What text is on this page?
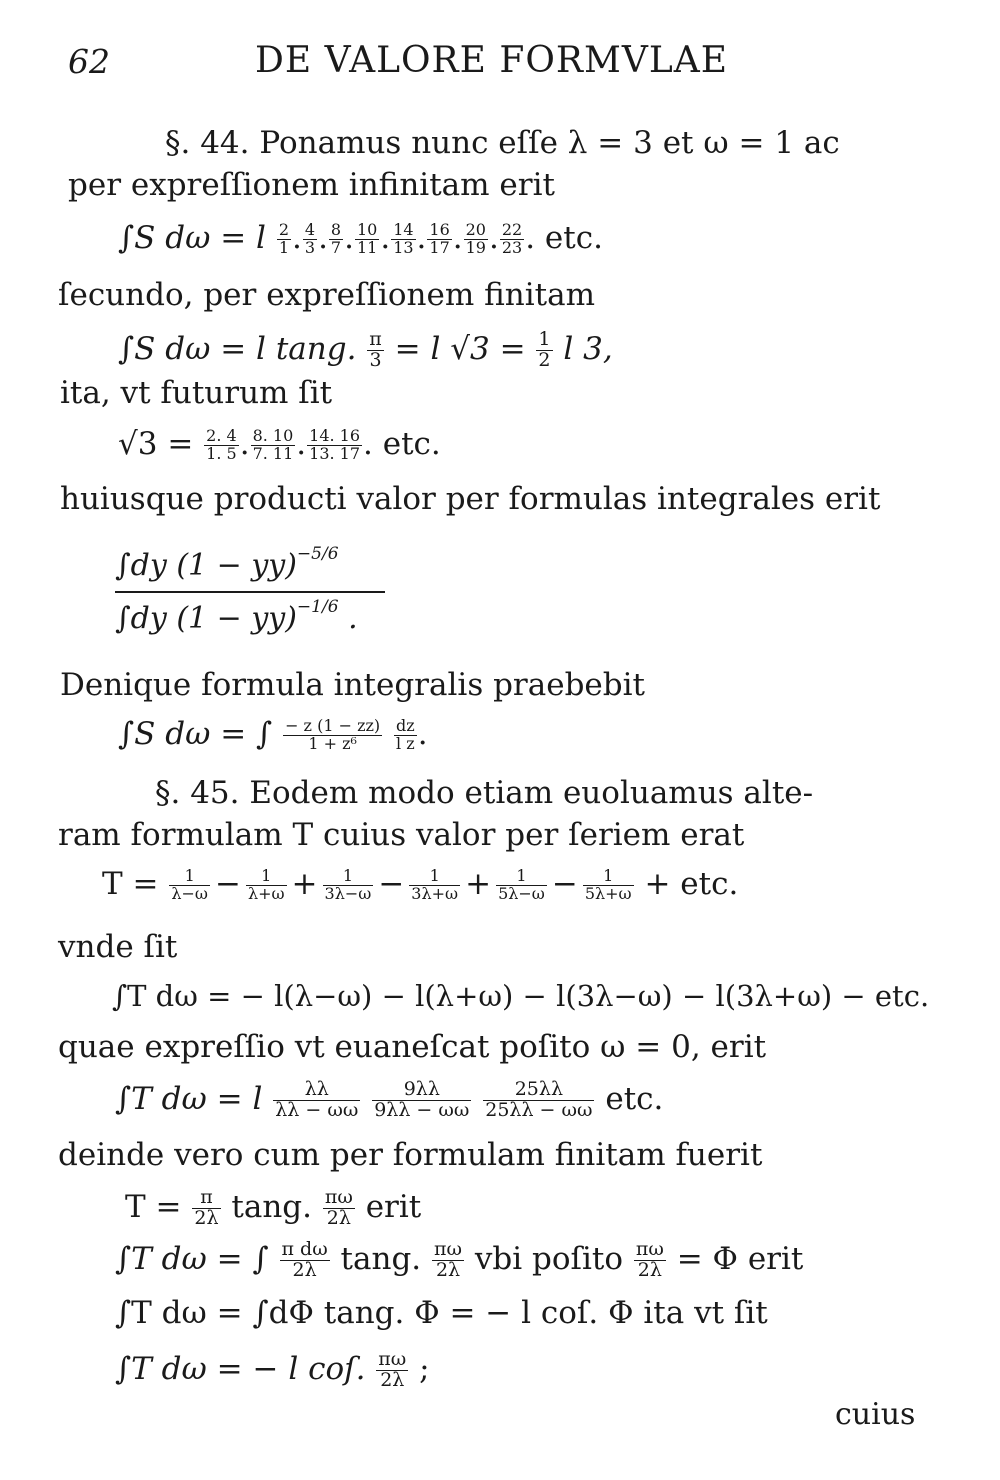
62	DE VALORE FORMVLAE
§. 44. Ponamus nunc eſſe λ = 3 et ω = 1 ac
per expreſſionem infinitam erit
∫S dω = l $\frac{2}{1}$ . $\frac{4}{3}$ . $\frac{8}{7}$ . $\frac{10}{11}$ . $\frac{14}{13}$ . $\frac{16}{17}$ . $\frac{20}{19}$ . $\frac{22}{23}$ . etc.
ſecundo, per expreſſionem finitam
∫S dω = l tang. $\frac{\pi}{3} = l$ $√3 = \frac{1}{2}$ l 3,
ita, vt futurum ſit
$√3 = \frac{2. 4}{1. 5}$ . $\frac{8. 10}{7. 11}$ . $\frac{14. 16}{13. 17}$ . etc.
huiusque producti valor per formulas integrales erit
∫dy (1 − yy)$^{-5/6}$
∫dy (1 − yy)$^{-1/6}$ .
Denique formula integralis praebebit
∫S dω = ∫ $\frac{- z (1 - zz)}{\text{1 + z⁶}}$
$\frac{dz}{\text{l z}}$ .
§. 45. Eodem modo etiam euoluamus alte-
ram formulam T cuius valor per ſeriem erat
$T = \frac{1}{\lambda-\omega} - \frac{1}{\lambda+\omega} + \frac{1}{3\lambda-\omega} - \frac{1}{3\lambda+\omega} + \frac{1}{5\lambda-\omega} - \frac{1}{5\lambda+\omega}$ + etc.
vnde ſit
∫T dω = − l(λ−ω) − l(λ+ω) − l(3λ−ω) − l(3λ+ω) − etc.
quae expreſſio vt euaneſcat poſito ω = 0, erit
∫T dω = l $\frac{\lambda\lambda}{\lambda\lambda - \omega\omega}$
$\frac{9\lambda\lambda}{9\lambda\lambda - \omega\omega}$
$\frac{25\lambda\lambda}{25\lambda\lambda - \omega\omega}$ etc.
deinde vero cum per formulam finitam fuerit
$T = \frac{\pi}{2\lambda} \tan g$. $\frac{\pi\omega}{2\lambda}$ erit
∫T dω = ∫ $\frac{\text{π dω}}{2\lambda} \tan g$. $\frac{\pi\omega}{2\lambda}$ vbi poſito $\frac{\pi\omega}{2\lambda} = \Phi$ erit
∫T dω = ∫dΦ tang. Φ = − l coſ. Φ ita vt ſit
∫T dω = − l coſ. $\frac{\pi\omega}{2\lambda}$ ;
cuius
